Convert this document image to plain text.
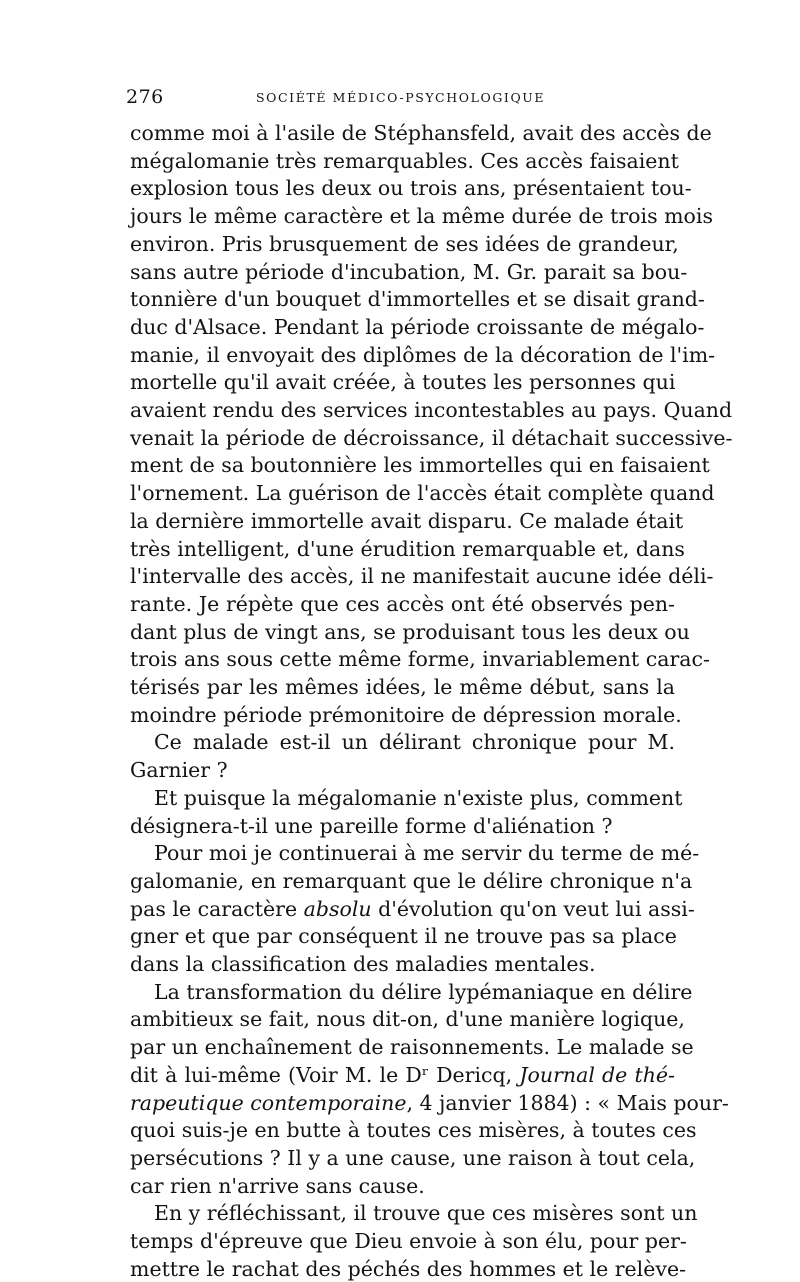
276	SOCIÉTÉ MÉDICO-PSYCHOLOGIQUE
comme moi à l'asile de Stéphansfeld, avait des accès de
mégalomanie très remarquables. Ces accès faisaient
explosion tous les deux ou trois ans, présentaient tou-
jours le même caractère et la même durée de trois mois
environ. Pris brusquement de ses idées de grandeur,
sans autre période d'incubation, M. Gr. parait sa bou-
tonnière d'un bouquet d'immortelles et se disait grand-
duc d'Alsace. Pendant la période croissante de mégalo-
manie, il envoyait des diplômes de la décoration de l'im-
mortelle qu'il avait créée, à toutes les personnes qui
avaient rendu des services incontestables au pays. Quand
venait la période de décroissance, il détachait successive-
ment de sa boutonnière les immortelles qui en faisaient
l'ornement. La guérison de l'accès était complète quand
la dernière immortelle avait disparu. Ce malade était
très intelligent, d'une érudition remarquable et, dans
l'intervalle des accès, il ne manifestait aucune idée déli-
rante. Je répète que ces accès ont été observés pen-
dant plus de vingt ans, se produisant tous les deux ou
trois ans sous cette même forme, invariablement carac-
térisés par les mêmes idées, le même début, sans la
moindre période prémonitoire de dépression morale.
Ce malade est-il un délirant chronique pour M.
Garnier ?
Et puisque la mégalomanie n'existe plus, comment
désignera-t-il une pareille forme d'aliénation ?
Pour moi je continuerai à me servir du terme de mé-
galomanie, en remarquant que le délire chronique n'a
pas le caractère absolu d'évolution qu'on veut lui assi-
gner et que par conséquent il ne trouve pas sa place
dans la classification des maladies mentales.
La transformation du délire lypémaniaque en délire
ambitieux se fait, nous dit-on, d'une manière logique,
par un enchaînement de raisonnements. Le malade se
dit à lui-même (Voir M. le Dʳ Dericq, Journal de thé-
rapeutique contemporaine, 4 janvier 1884) : « Mais pour-
quoi suis-je en butte à toutes ces misères, à toutes ces
persécutions ? Il y a une cause, une raison à tout cela,
car rien n'arrive sans cause.
En y réfléchissant, il trouve que ces misères sont un
temps d'épreuve que Dieu envoie à son élu, pour per-
mettre le rachat des péchés des hommes et le relève-
